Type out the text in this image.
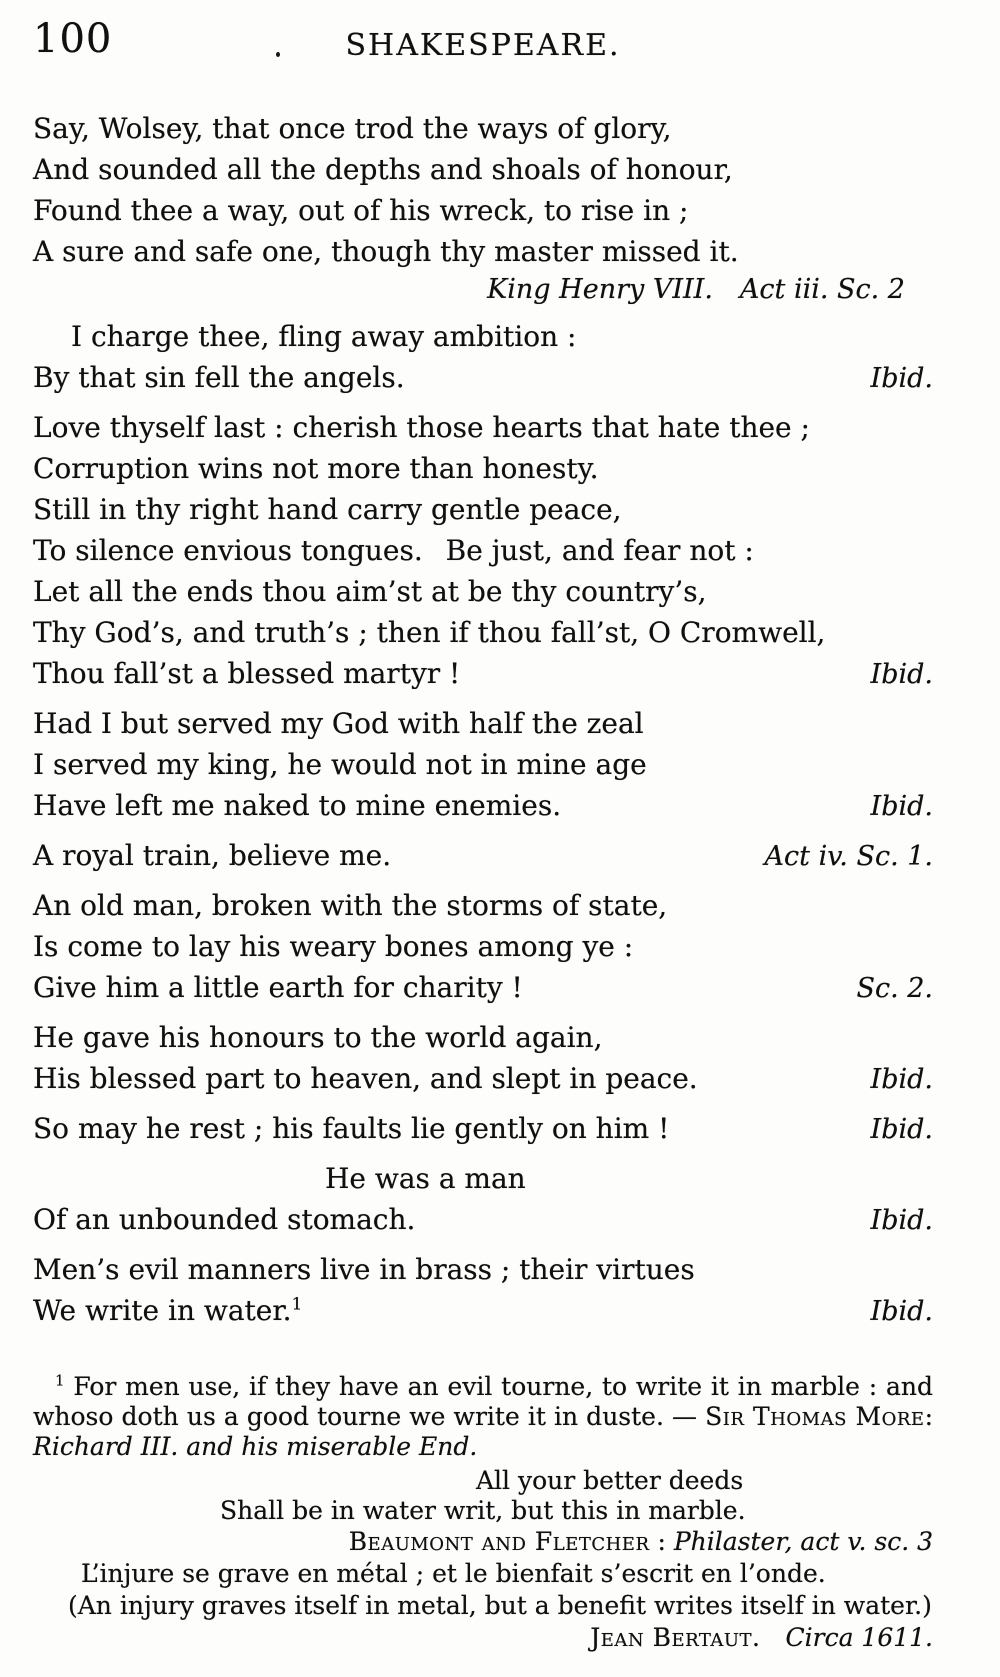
100	SHAKESPEARE.
Say, Wolsey, that once trod the ways of glory,
And sounded all the depths and shoals of honour,
Found thee a way, out of his wreck, to rise in ;
A sure and safe one, though thy master missed it.
King Henry VIII. Act iii. Sc. 2
I charge thee, fling away ambition :
By that sin fell the angels.	Ibid.
Love thyself last : cherish those hearts that hate thee ;
Corruption wins not more than honesty.
Still in thy right hand carry gentle peace,
To silence envious tongues.  Be just, and fear not :
Let all the ends thou aim’st at be thy country’s,
Thy God’s, and truth’s ; then if thou fall’st, O Cromwell,
Thou fall’st a blessed martyr !	Ibid.
Had I but served my God with half the zeal
I served my king, he would not in mine age
Have left me naked to mine enemies.	Ibid.
A royal train, believe me.	Act iv. Sc. 1.
An old man, broken with the storms of state,
Is come to lay his weary bones among ye :
Give him a little earth for charity !	Sc. 2.
He gave his honours to the world again,
His blessed part to heaven, and slept in peace.	Ibid.
So may he rest ; his faults lie gently on him !	Ibid.
He was a man
Of an unbounded stomach.	Ibid.
Men’s evil manners live in brass ; their virtues
We write in water.$^1$	Ibid.
$^1$ For men use, if they have an evil tourne, to write it in marble : and
whoso doth us a good tourne we write it in duste. — Sir Thomas More:
Richard III. and his miserable End.
All your better deeds
Shall be in water writ, but this in marble.
Beaumont and Fletcher : Philaster, act v. sc. 3
L’injure se grave en métal ; et le bienfait s’escrit en l’onde.
(An injury graves itself in metal, but a benefit writes itself in water.)
Jean Bertaut.  Circa 1611.
